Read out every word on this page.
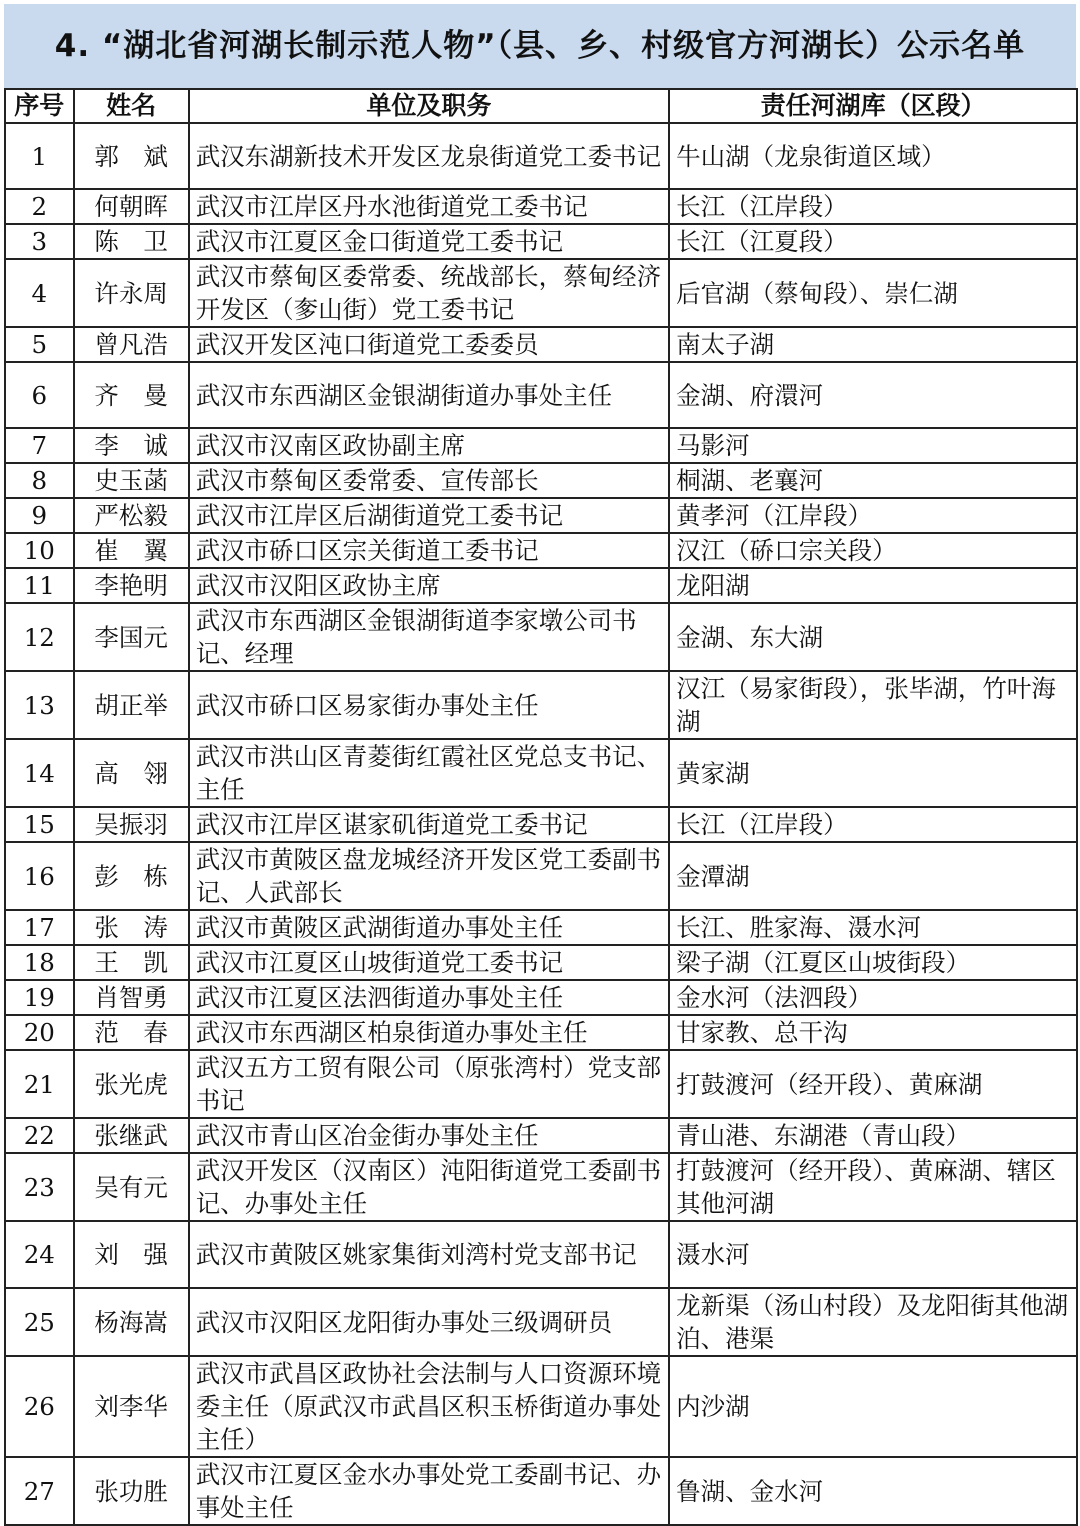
4. “湖北省河湖长制示范人物”（县、乡、村级官方河湖长）公示名单
序号	姓名	单位及职务	责任河湖库（区段）
1	郭　斌	武汉东湖新技术开发区龙泉街道党工委书记	牛山湖（龙泉街道区域）
2	何朝晖	武汉市江岸区丹水池街道党工委书记	长江（江岸段）
3	陈　卫	武汉市江夏区金口街道党工委书记	长江（江夏段）
4	许永周	武汉市蔡甸区委常委、统战部长，蔡甸经济开发区（奓山街）党工委书记	后官湖（蔡甸段）、崇仁湖
5	曾凡浩	武汉开发区沌口街道党工委委员	南太子湖
6	齐　曼	武汉市东西湖区金银湖街道办事处主任	金湖、府澴河
7	李　诚	武汉市汉南区政协副主席	马影河
8	史玉菡	武汉市蔡甸区委常委、宣传部长	桐湖、老襄河
9	严松毅	武汉市江岸区后湖街道党工委书记	黄孝河（江岸段）
10	崔　翼	武汉市硚口区宗关街道工委书记	汉江（硚口宗关段）
11	李艳明	武汉市汉阳区政协主席	龙阳湖
12	李国元	武汉市东西湖区金银湖街道李家墩公司书记、经理	金湖、东大湖
13	胡正举	武汉市硚口区易家街办事处主任	汉江（易家街段），张毕湖，竹叶海湖
14	高　翎	武汉市洪山区青菱街红霞社区党总支书记、主任	黄家湖
15	吴振羽	武汉市江岸区谌家矶街道党工委书记	长江（江岸段）
16	彭　栋	武汉市黄陂区盘龙城经济开发区党工委副书记、人武部长	金潭湖
17	张　涛	武汉市黄陂区武湖街道办事处主任	长江、胜家海、滠水河
18	王　凯	武汉市江夏区山坡街道党工委书记	梁子湖（江夏区山坡街段）
19	肖智勇	武汉市江夏区法泗街道办事处主任	金水河（法泗段）
20	范　春	武汉市东西湖区柏泉街道办事处主任	甘家教、总干沟
21	张光虎	武汉五方工贸有限公司（原张湾村）党支部书记	打鼓渡河（经开段）、黄麻湖
22	张继武	武汉市青山区冶金街办事处主任	青山港、东湖港（青山段）
23	吴有元	武汉开发区（汉南区）沌阳街道党工委副书记、办事处主任	打鼓渡河（经开段）、黄麻湖、辖区其他河湖
24	刘　强	武汉市黄陂区姚家集街刘湾村党支部书记	滠水河
25	杨海嵩	武汉市汉阳区龙阳街办事处三级调研员	龙新渠（汤山村段）及龙阳街其他湖泊、港渠
26	刘李华	武汉市武昌区政协社会法制与人口资源环境委主任（原武汉市武昌区积玉桥街道办事处主任）	内沙湖
27	张功胜	武汉市江夏区金水办事处党工委副书记、办事处主任	鲁湖、金水河
